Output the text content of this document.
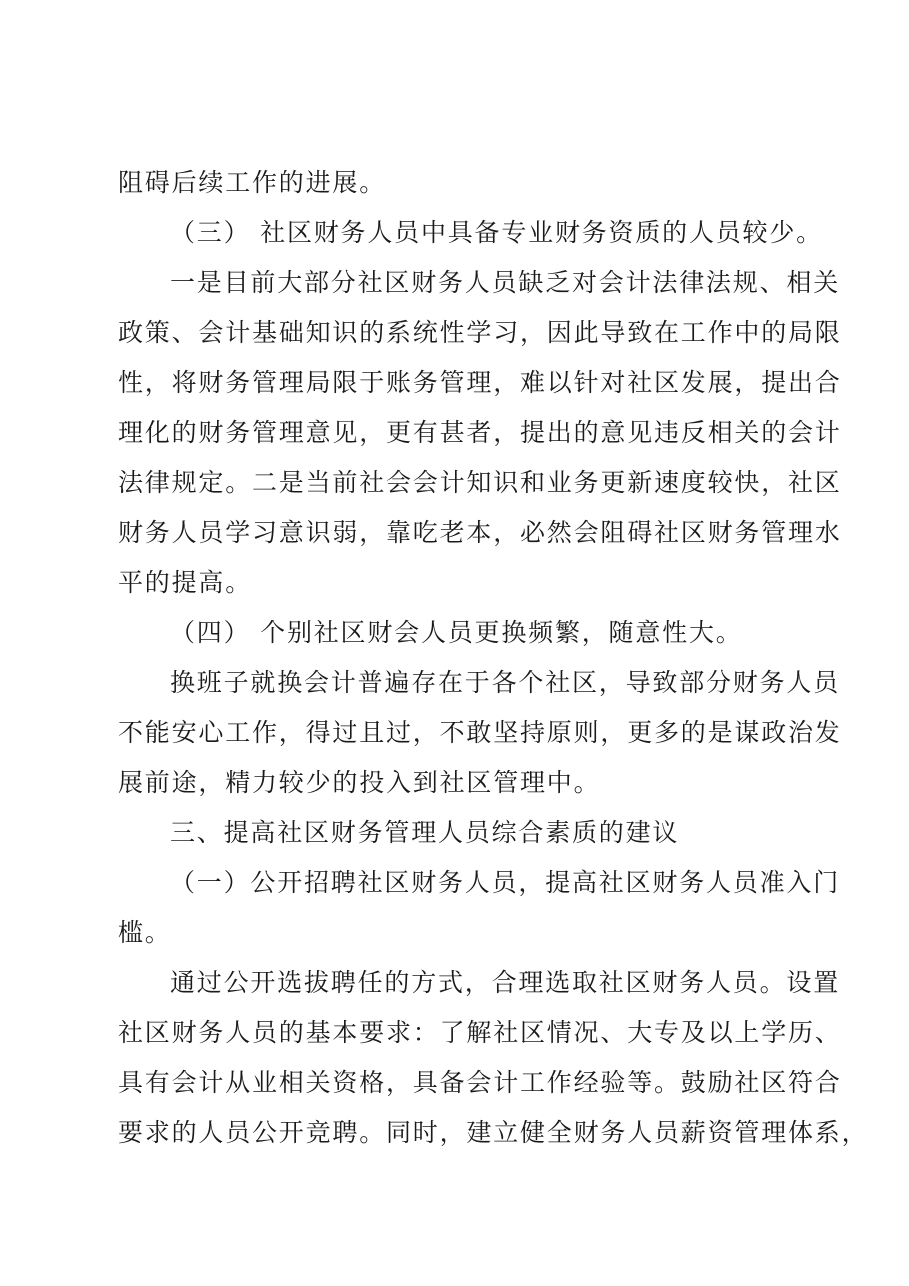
阻碍后续工作的进展。

（三） 社区财务人员中具备专业财务资质的人员较少。

一是目前大部分社区财务人员缺乏对会计法律法规、相关

政策、会计基础知识的系统性学习，因此导致在工作中的局限

性，将财务管理局限于账务管理，难以针对社区发展，提出合

理化的财务管理意见，更有甚者，提出的意见违反相关的会计

法律规定。二是当前社会会计知识和业务更新速度较快，社区

财务人员学习意识弱，靠吃老本，必然会阻碍社区财务管理水

平的提高。

（四） 个别社区财会人员更换频繁，随意性大。

换班子就换会计普遍存在于各个社区，导致部分财务人员

不能安心工作，得过且过，不敢坚持原则，更多的是谋政治发

展前途，精力较少的投入到社区管理中。

三、提高社区财务管理人员综合素质的建议

（一）公开招聘社区财务人员，提高社区财务人员准入门

槛。

通过公开选拔聘任的方式，合理选取社区财务人员。设置

社区财务人员的基本要求：了解社区情况、大专及以上学历、

具有会计从业相关资格，具备会计工作经验等。鼓励社区符合

要求的人员公开竞聘。同时，建立健全财务人员薪资管理体系，
